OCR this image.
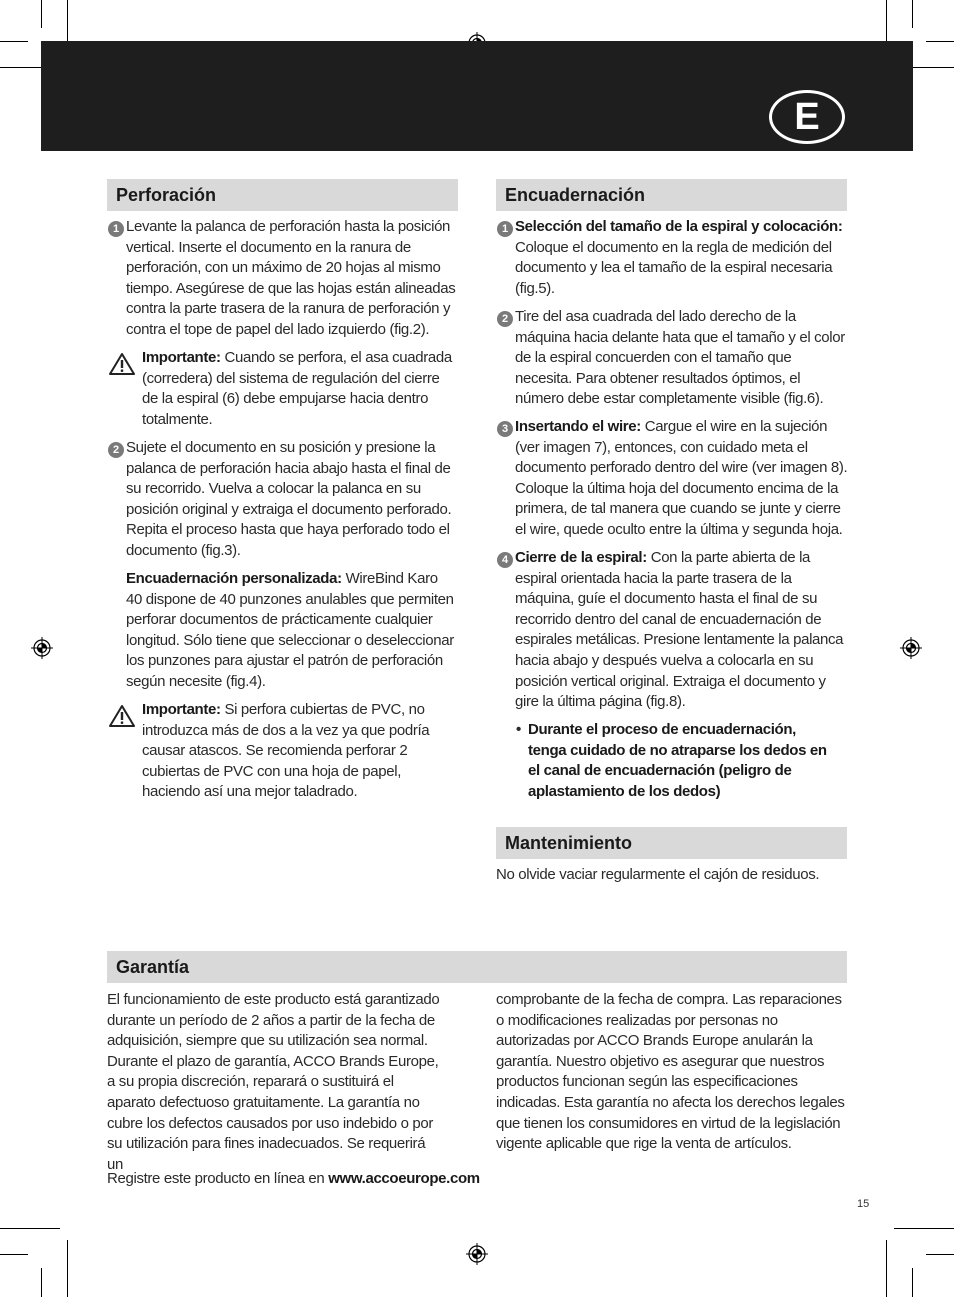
E
Perforación
1 Levante la palanca de perforación hasta la posición vertical. Inserte el documento en la ranura de perforación, con un máximo de 20 hojas al mismo tiempo. Asegúrese de que las hojas están alineadas contra la parte trasera de la ranura de perforación y contra el tope de papel del lado izquierdo (fig.2).
Importante: Cuando se perfora, el asa cuadrada (corredera) del sistema de regulación del cierre de la espiral (6) debe empujarse hacia dentro totalmente.
2 Sujete el documento en su posición y presione la palanca de perforación hacia abajo hasta el final de su recorrido. Vuelva a colocar la palanca en su posición original y extraiga el documento perforado. Repita el proceso hasta que haya perforado todo el documento (fig.3).
Encuadernación personalizada: WireBind Karo 40 dispone de 40 punzones anulables que permiten perforar documentos de prácticamente cualquier longitud. Sólo tiene que seleccionar o deseleccionar los punzones para ajustar el patrón de perforación según necesite (fig.4).
Importante: Si perfora cubiertas de PVC, no introduzca más de dos a la vez ya que podría causar atascos. Se recomienda perforar 2 cubiertas de PVC con una hoja de papel, haciendo así una mejor taladrado.
Encuadernación
1 Selección del tamaño de la espiral y colocación: Coloque el documento en la regla de medición del documento y lea el tamaño de la espiral necesaria (fig.5).
2 Tire del asa cuadrada del lado derecho de la máquina hacia delante hata que el tamaño y el color de la espiral concuerden con el tamaño que necesita. Para obtener resultados óptimos, el número debe estar completamente visible (fig.6).
3 Insertando el wire: Cargue el wire en la sujeción (ver imagen 7), entonces, con cuidado meta el documento perforado dentro del wire (ver imagen 8). Coloque la última hoja del documento encima de la primera, de tal manera que cuando se junte y cierre el wire, quede oculto entre la última y segunda hoja.
4 Cierre de la espiral: Con la parte abierta de la espiral orientada hacia la parte trasera de la máquina, guíe el documento hasta el final de su recorrido dentro del canal de encuadernación de espirales metálicas. Presione lentamente la palanca hacia abajo y después vuelva a colocarla en su posición vertical original. Extraiga el documento y gire la última página (fig.8).
• Durante el proceso de encuadernación, tenga cuidado de no atraparse los dedos en el canal de encuadernación (peligro de aplastamiento de los dedos)
Mantenimiento
No olvide vaciar regularmente el cajón de residuos.
Garantía
El funcionamiento de este producto está garantizado durante un período de 2 años a partir de la fecha de adquisición, siempre que su utilización sea normal. Durante el plazo de garantía, ACCO Brands Europe, a su propia discreción, reparará o sustituirá el aparato defectuoso gratuitamente. La garantía no cubre los defectos causados por uso indebido o por su utilización para fines inadecuados. Se requerirá un
comprobante de la fecha de compra. Las reparaciones o modificaciones realizadas por personas no autorizadas por ACCO Brands Europe anularán la garantía. Nuestro objetivo es asegurar que nuestros productos funcionan según las especificaciones indicadas. Esta garantía no afecta los derechos legales que tienen los consumidores en virtud de la legislación vigente aplicable que rige la venta de artículos.
Registre este producto en línea en www.accoeurope.com
15
